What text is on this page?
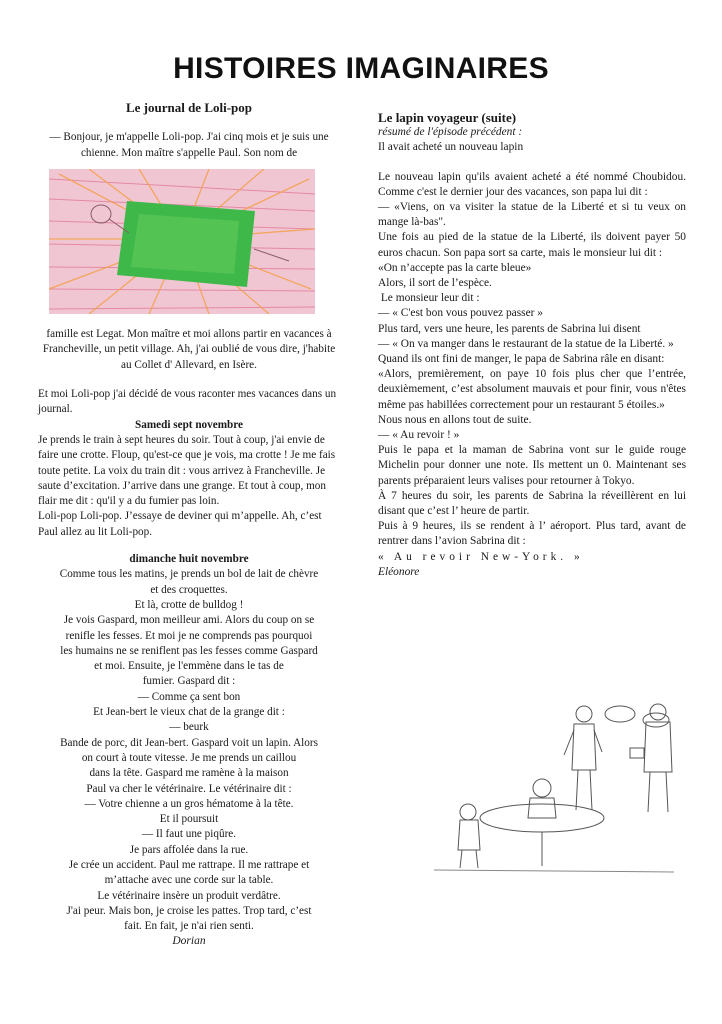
HISTOIRES IMAGINAIRES
Le journal de Loli-pop

— Bonjour, je m'appelle Loli-pop. J'ai cinq mois et je suis une chienne. Mon maître s'appelle Paul. Son nom de

famille est Legat. Mon maître et moi allons partir en vacances à Francheville, un petit village. Ah, j'ai oublié de vous dire, j'habite au Collet d' Allevard, en Isère.

Et moi Loli-pop j'ai décidé de vous raconter mes vacances dans un journal.

Samedi sept novembre

Je prends le train à sept heures du soir. Tout à coup, j'ai envie de faire une crotte. Floup, qu'est-ce que je vois, ma crotte ! Je me fais toute petite. La voix du train dit : vous arrivez à Francheville. Je saute d’excitation. J’arrive dans une grange. Et tout à coup, mon flair me dit : qu'il y a du fumier pas loin.

Loli-pop Loli-pop. J’essaye de deviner qui m’appelle. Ah, c’est Paul allez au lit Loli-pop.

dimanche huit novembre

Comme tous les matins, je prends un bol de lait de chèvre

et des croquettes.

Et là, crotte de bulldog !

Je vois Gaspard, mon meilleur ami. Alors du coup on se

renifle les fesses. Et moi je ne comprends pas pourquoi

les humains ne se reniflent pas les fesses comme Gaspard

et moi. Ensuite, je l'emmène dans le tas de

fumier. Gaspard dit :

— Comme ça sent bon

Et Jean-bert le vieux chat de la grange dit :

— beurk

Bande de porc, dit Jean-bert. Gaspard voit un lapin. Alors

on court à toute vitesse. Je me prends un caillou

dans la tête. Gaspard me ramène à la maison

Paul va cher le vétérinaire. Le vétérinaire dit :

— Votre chienne a un gros hématome à la tête.

Et il poursuit

— Il faut une piqûre.

Je pars affolée dans la rue.

Je crée un accident. Paul me rattrape. Il me rattrape et

m’attache avec une corde sur la table.

Le vétérinaire insère un produit verdâtre.

J'ai peur. Mais bon, je croise les pattes. Trop tard, c’est

fait. En fait, je n'ai rien senti.

Dorian

Le lapin voyageur (suite)

résumé de l'épisode précédent :

Il avait acheté un nouveau lapin

Le nouveau lapin qu'ils avaient acheté a été nommé Choubidou. Comme c'est le dernier jour des vacances, son papa lui dit :

— «Viens, on va visiter la statue de la Liberté et si tu veux on mange là-bas".

Une fois au pied de la statue de la Liberté, ils doivent payer 50 euros chacun. Son papa sort sa carte, mais le monsieur lui dit :

«On n’accepte pas la carte bleue»

Alors, il sort de l’espèce.

Le monsieur leur dit :

— « C'est bon vous pouvez passer »

Plus tard, vers une heure, les parents de Sabrina lui disent

— « On va manger dans le restaurant de la statue de la Liberté. »

Quand ils ont fini de manger, le papa de Sabrina râle en disant:

«Alors, premièrement, on paye 10 fois plus cher que l’entrée, deuxièmement, c’est absolument mauvais et pour finir, vous n'êtes même pas habillées correctement pour un restaurant 5 étoiles.»

Nous nous en allons tout de suite.

— « Au revoir ! »

Puis le papa et la maman de Sabrina vont sur le guide rouge Michelin pour donner une note. Ils mettent un 0. Maintenant ses parents préparaient leurs valises pour retourner à Tokyo.

À 7 heures du soir, les parents de Sabrina la réveillèrent en lui disant que c’est l’ heure de partir.

Puis à 9 heures, ils se rendent à l’ aéroport. Plus tard, avant de rentrer dans l’avion Sabrina dit :

« Au revoir New-York. »

Eléonore
